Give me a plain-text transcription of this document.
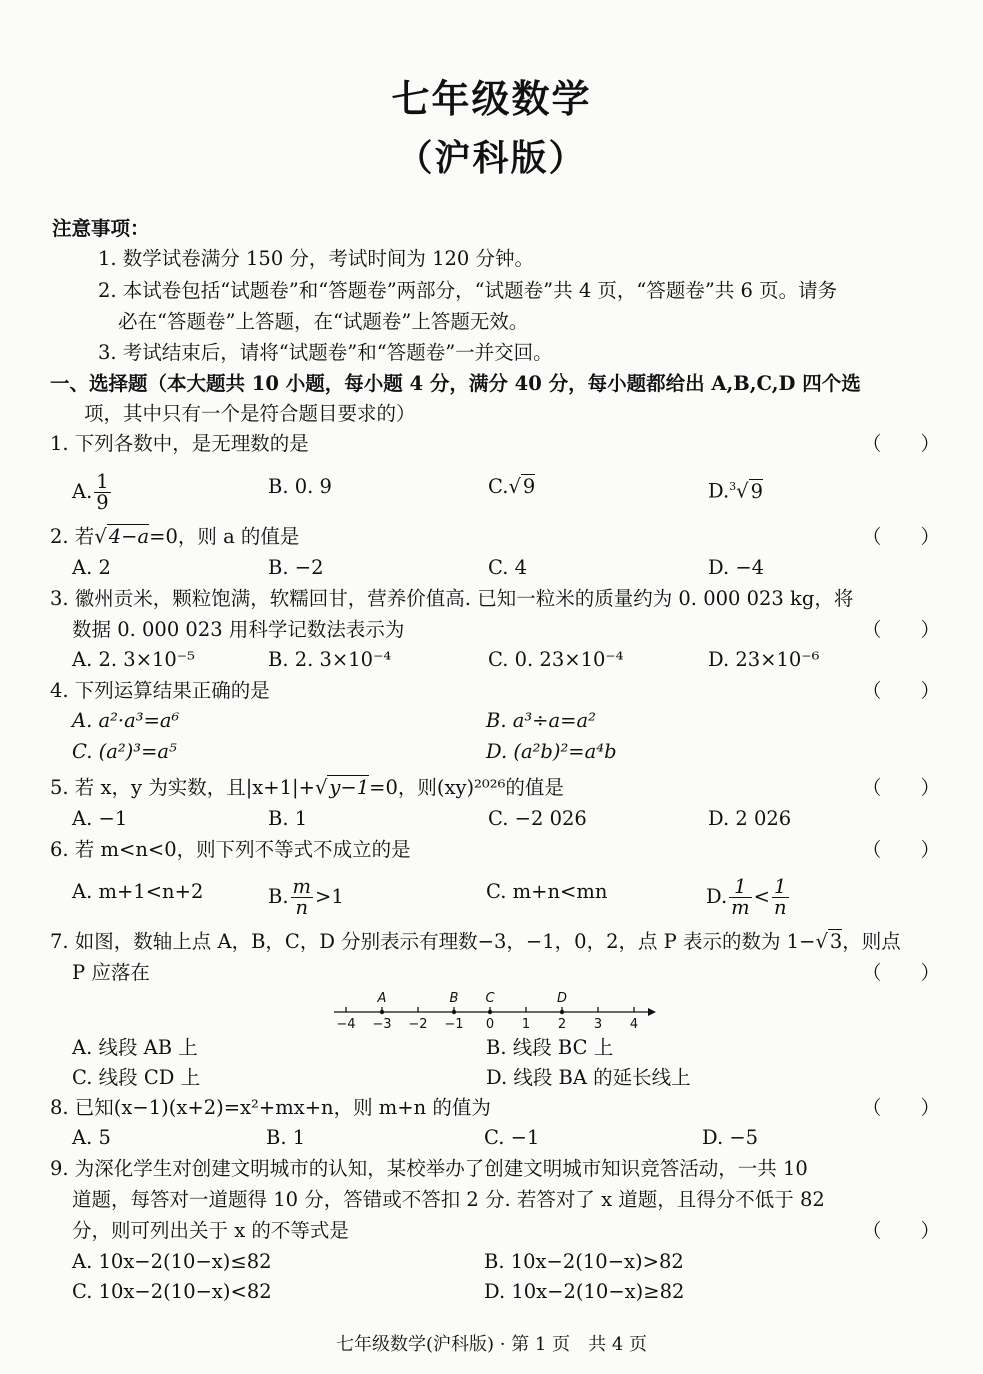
七年级数学
（沪科版）
注意事项：
1. 数学试卷满分 150 分，考试时间为 120 分钟。
2. 本试卷包括“试题卷”和“答题卷”两部分，“试题卷”共 4 页，“答题卷”共 6 页。请务
必在“答题卷”上答题，在“试题卷”上答题无效。
3. 考试结束后，请将“试题卷”和“答题卷”一并交回。
一、选择题（本大题共 10 小题，每小题 4 分，满分 40 分，每小题都给出 A,B,C,D 四个选
项，其中只有一个是符合题目要求的）
1. 下列各数中，是无理数的是	（　　）
A. $\frac{1}{9}$	B. 0. 9	C.√ 9	D.$^3$√ 9
2. 若√ 4−a=0，则 a 的值是	（　　）
A. 2	B. −2	C. 4	D. −4
3. 徽州贡米，颗粒饱满，软糯回甘，营养价值高. 已知一粒米的质量约为 0. 000 023 kg，将
数据 0. 000 023 用科学记数法表示为	（　　）
A. 2. 3×10⁻⁵	B. 2. 3×10⁻⁴	C. 0. 23×10⁻⁴	D. 23×10⁻⁶
4. 下列运算结果正确的是	（　　）
A. a²·a³=a⁶	B. a³÷a=a²
C. (a²)³=a⁵	D. (a²b)²=a⁴b
5. 若 x，y 为实数，且|x+1|+√ y−1=0，则(xy)²⁰²⁶的值是	（　　）
A. −1	B. 1	C. −2 026	D. 2 026
6. 若 m<n<0，则下列不等式不成立的是	（　　）
A. m+1<n+2	B. $\frac{m}{n} >1$	C. m+n<mn	D. $\frac{1}{m} < \frac{1}{n}$
7. 如图，数轴上点 A，B，C，D 分别表示有理数−3，−1，0，2，点 P 表示的数为 1−√ 3，则点
P 应落在	（　　）
−4 −3 −2 −1 0 1 2 3 4
A	B C	D
A. 线段 AB 上	B. 线段 BC 上
C. 线段 CD 上	D. 线段 BA 的延长线上
8. 已知(x−1)(x+2)=x²+mx+n，则 m+n 的值为	（　　）
A. 5	B. 1	C. −1	D. −5
9. 为深化学生对创建文明城市的认知，某校举办了创建文明城市知识竞答活动，一共 10
道题，每答对一道题得 10 分，答错或不答扣 2 分. 若答对了 x 道题，且得分不低于 82
分，则可列出关于 x 的不等式是	（　　）
A. 10x−2(10−x)≤82	B. 10x−2(10−x)>82
C. 10x−2(10−x)<82	D. 10x−2(10−x)≥82
七年级数学(沪科版) · 第 1 页　共 4 页
